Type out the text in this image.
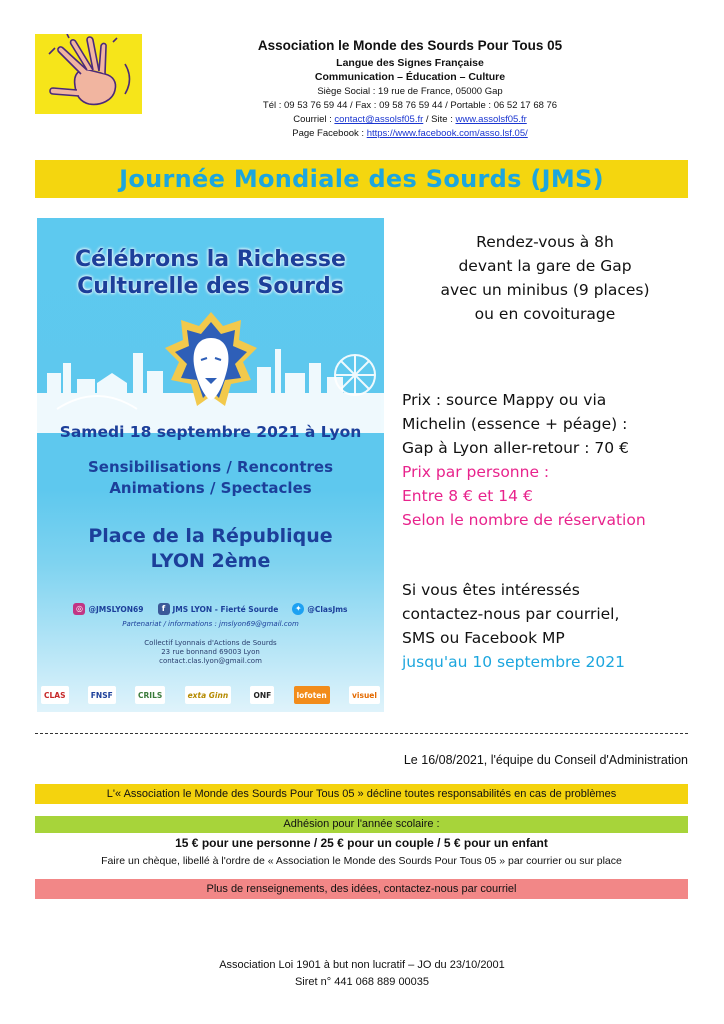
Association le Monde des Sourds Pour Tous 05
Langue des Signes Française
Communication – Éducation – Culture
Siège Social : 19 rue de France, 05000 Gap
Tél : 09 53 76 59 44 / Fax : 09 58 76 59 44 / Portable : 06 52 17 68 76
Courriel : contact@assolsf05.fr / Site : www.assolsf05.fr
Page Facebook : https://www.facebook.com/asso.lsf.05/
Journée Mondiale des Sourds (JMS)
Célébrons la Richesse
Culturelle des Sourds
Samedi 18 septembre 2021 à Lyon
Sensibilisations / Rencontres
Animations / Spectacles
Place de la République
LYON 2ème
◎ @JMSLYON69	f JMS LYON - Fierté Sourde	✦ @ClasJms
Partenariat / informations : jmslyon69@gmail.com
Collectif Lyonnais d'Actions de Sourds
23 rue bonnand 69003 Lyon
contact.clas.lyon@gmail.com
CLAS	FNSF	CRILS	exta Ginn	ONF	lofoten	visuel
Rendez-vous à 8h
devant la gare de Gap
avec un minibus (9 places)
ou en covoiturage
Prix : source Mappy ou via
Michelin (essence + péage) :
Gap à Lyon aller-retour : 70 €
Prix par personne :
Entre 8 € et 14 €
Selon le nombre de réservation
Si vous êtes intéressés
contactez-nous par courriel,
SMS ou Facebook MP
jusqu'au 10 septembre 2021
Le 16/08/2021, l'équipe du Conseil d'Administration
L'« Association le Monde des Sourds Pour Tous 05 » décline toutes responsabilités en cas de problèmes
Adhésion pour l'année scolaire :
15 € pour une personne / 25 € pour un couple / 5 € pour un enfant
Faire un chèque, libellé à l'ordre de « Association le Monde des Sourds Pour Tous 05 » par courrier ou sur place
Plus de renseignements, des idées, contactez-nous par courriel
Association Loi 1901 à but non lucratif – JO du 23/10/2001
Siret n° 441 068 889 00035
